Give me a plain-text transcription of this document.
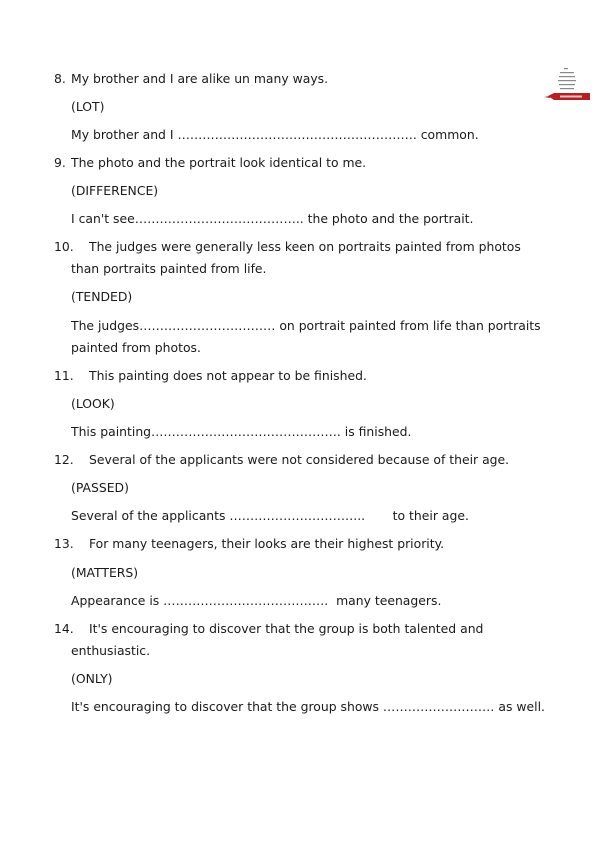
8. My brother and I are alike un many ways.
(LOT)
My brother and I …………………………………………………. common.
9. The photo and the portrait look identical to me.
(DIFFERENCE)
I can't see………………………………….. the photo and the portrait.
10. The judges were generally less keen on portraits painted from photos
than portraits painted from life.
(TENDED)
The judges…………………………… on portrait painted from life than portraits
painted from photos.
11. This painting does not appear to be finished.
(LOOK)
This painting………………………………………. is finished.
12. Several of the applicants were not considered because of their age.
(PASSED)
Several of the applicants …………………………...       to their age.
13. For many teenagers, their looks are their highest priority.
(MATTERS)
Appearance is ………………………………….  many teenagers.
14. It's encouraging to discover that the group is both talented and
enthusiastic.
(ONLY)
It's encouraging to discover that the group shows ……………………… as well.
